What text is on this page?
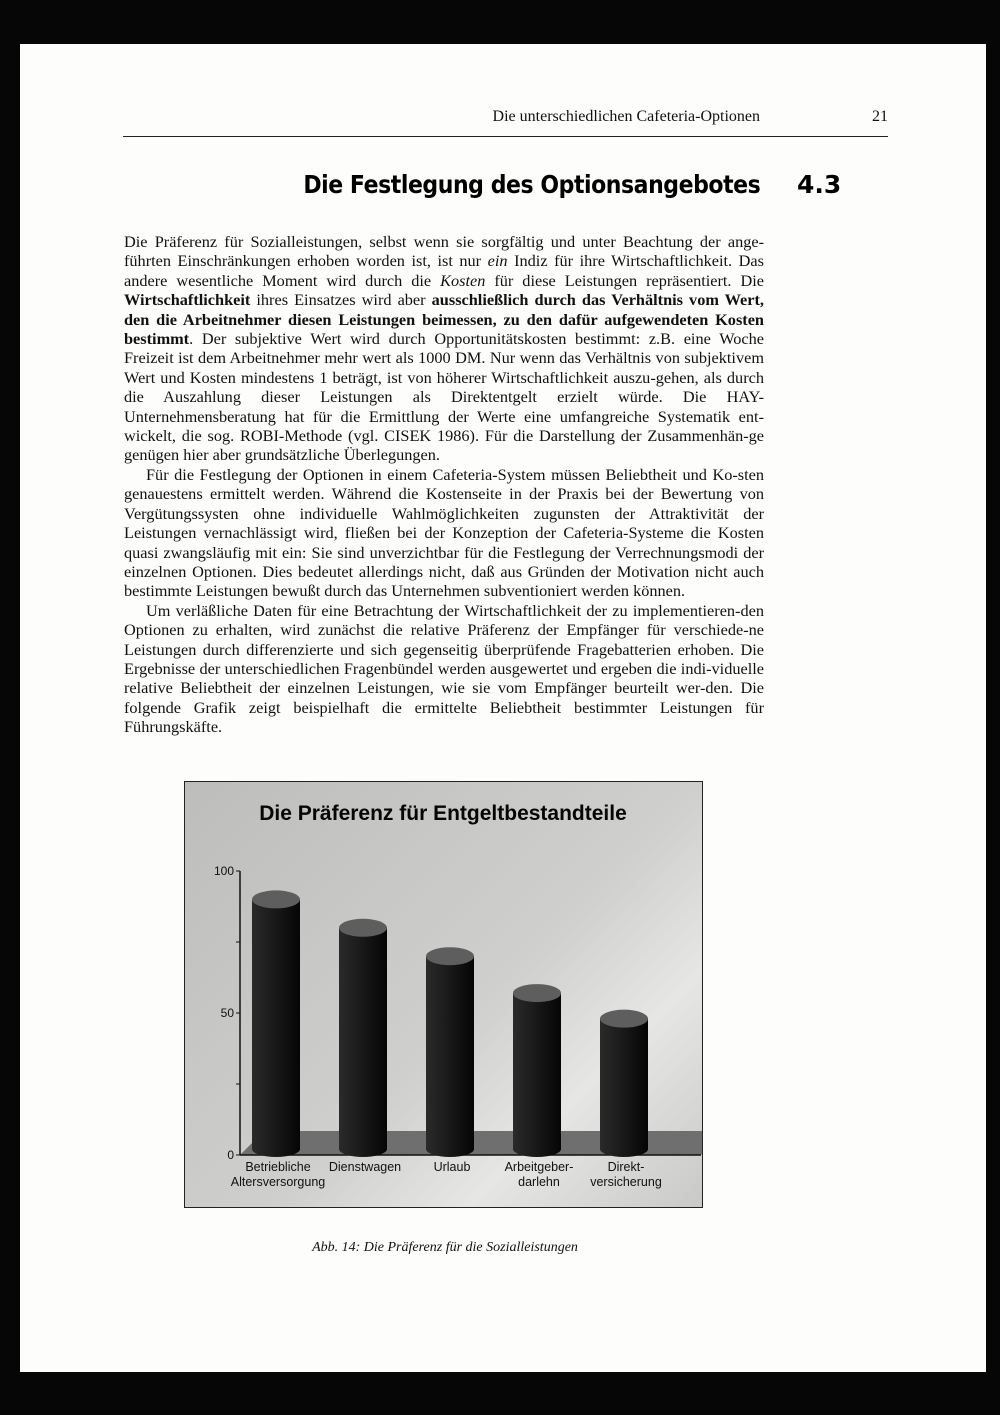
Die unterschiedlichen Cafeteria-Optionen	21
Die Festlegung des Optionsangebotes 4.3

Die Präferenz für Sozialleistungen, selbst wenn sie sorgfältig und unter Beachtung der ange-führten Einschränkungen erhoben worden ist, ist nur ein Indiz für ihre Wirtschaftlichkeit. Das andere wesentliche Moment wird durch die Kosten für diese Leistungen repräsentiert. Die Wirtschaftlichkeit ihres Einsatzes wird aber ausschließlich durch das Verhältnis vom Wert, den die Arbeitnehmer diesen Leistungen beimessen, zu den dafür aufgewendeten Kosten bestimmt. Der subjektive Wert wird durch Opportunitätskosten bestimmt: z.B. eine Woche Freizeit ist dem Arbeitnehmer mehr wert als 1000 DM. Nur wenn das Verhältnis von subjektivem Wert und Kosten mindestens 1 beträgt, ist von höherer Wirtschaftlichkeit auszu-gehen, als durch die Auszahlung dieser Leistungen als Direktentgelt erzielt würde. Die HAY-Unternehmensberatung hat für die Ermittlung der Werte eine umfangreiche Systematik ent-wickelt, die sog. ROBI-Methode (vgl. CISEK 1986). Für die Darstellung der Zusammenhän-ge genügen hier aber grundsätzliche Überlegungen.

Für die Festlegung der Optionen in einem Cafeteria-System müssen Beliebtheit und Ko-sten genauestens ermittelt werden. Während die Kostenseite in der Praxis bei der Bewertung von Vergütungssysten ohne individuelle Wahlmöglichkeiten zugunsten der Attraktivität der Leistungen vernachlässigt wird, fließen bei der Konzeption der Cafeteria-Systeme die Kosten quasi zwangsläufig mit ein: Sie sind unverzichtbar für die Festlegung der Verrechnungsmodi der einzelnen Optionen. Dies bedeutet allerdings nicht, daß aus Gründen der Motivation nicht auch bestimmte Leistungen bewußt durch das Unternehmen subventioniert werden können.

Um verläßliche Daten für eine Betrachtung der Wirtschaftlichkeit der zu implementieren-den Optionen zu erhalten, wird zunächst die relative Präferenz der Empfänger für verschiede-ne Leistungen durch differenzierte und sich gegenseitig überprüfende Fragebatterien erhoben. Die Ergebnisse der unterschiedlichen Fragenbündel werden ausgewertet und ergeben die indi-viduelle relative Beliebtheit der einzelnen Leistungen, wie sie vom Empfänger beurteilt wer-den. Die folgende Grafik zeigt beispielhaft die ermittelte Beliebtheit bestimmter Leistungen für Führungskäfte.

Die Präferenz für Entgeltbestandteile
0
50
100
Betriebliche
Altersversorgung
Dienstwagen	Urlaub	Arbeitgeber-
darlehn
Direkt-
versicherung
Abb. 14: Die Präferenz für die Sozialleistungen
